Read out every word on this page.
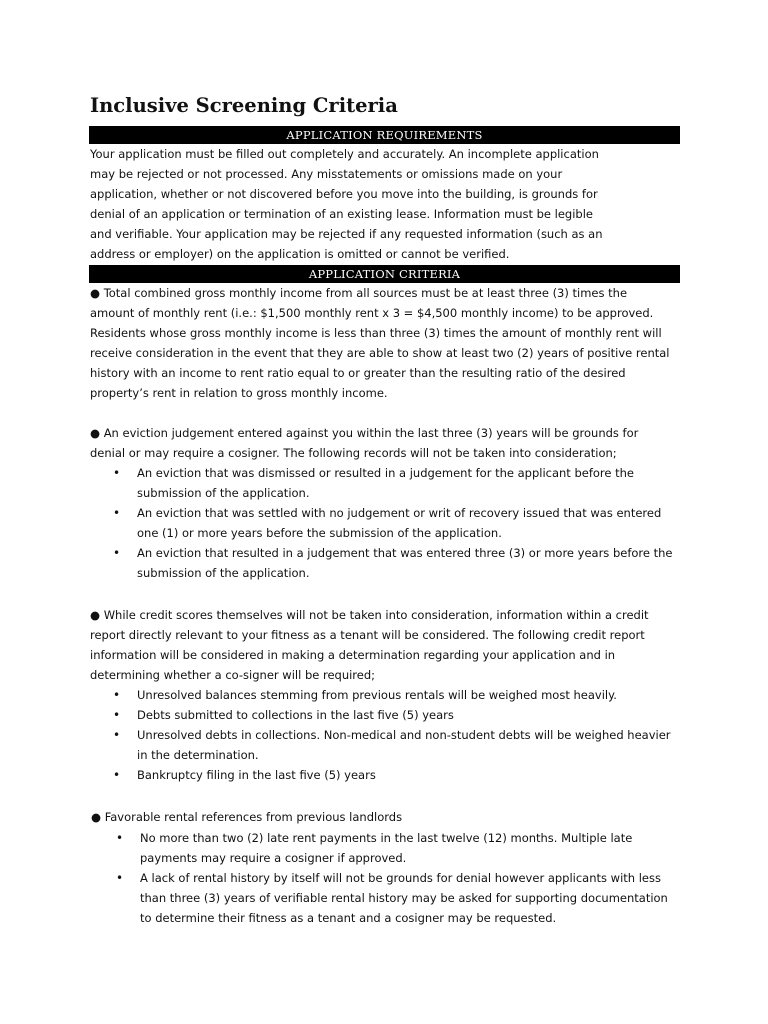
Inclusive Screening Criteria
APPLICATION REQUIREMENTS
Your application must be filled out completely and accurately. An incomplete application
may be rejected or not processed. Any misstatements or omissions made on your
application, whether or not discovered before you move into the building, is grounds for
denial of an application or termination of an existing lease. Information must be legible
and verifiable. Your application may be rejected if any requested information (such as an
address or employer) on the application is omitted or cannot be verified.
APPLICATION CRITERIA
● Total combined gross monthly income from all sources must be at least three (3) times the
amount of monthly rent (i.e.: $1,500 monthly rent x 3 = $4,500 monthly income) to be approved.
Residents whose gross monthly income is less than three (3) times the amount of monthly rent will
receive consideration in the event that they are able to show at least two (2) years of positive rental
history with an income to rent ratio equal to or greater than the resulting ratio of the desired
property’s rent in relation to gross monthly income.
● An eviction judgement entered against you within the last three (3) years will be grounds for
denial or may require a cosigner. The following records will not be taken into consideration;
• An eviction that was dismissed or resulted in a judgement for the applicant before the submission of the application.
• An eviction that was settled with no judgement or writ of recovery issued that was entered one (1) or more years before the submission of the application.
• An eviction that resulted in a judgement that was entered three (3) or more years before the submission of the application.
● While credit scores themselves will not be taken into consideration, information within a credit
report directly relevant to your fitness as a tenant will be considered. The following credit report
information will be considered in making a determination regarding your application and in
determining whether a co-signer will be required;
• Unresolved balances stemming from previous rentals will be weighed most heavily.
• Debts submitted to collections in the last five (5) years
• Unresolved debts in collections. Non-medical and non-student debts will be weighed heavier in the determination.
• Bankruptcy filing in the last five (5) years
● Favorable rental references from previous landlords
• No more than two (2) late rent payments in the last twelve (12) months. Multiple late payments may require a cosigner if approved.
• A lack of rental history by itself will not be grounds for denial however applicants with less than three (3) years of verifiable rental history may be asked for supporting documentation to determine their fitness as a tenant and a cosigner may be requested.
